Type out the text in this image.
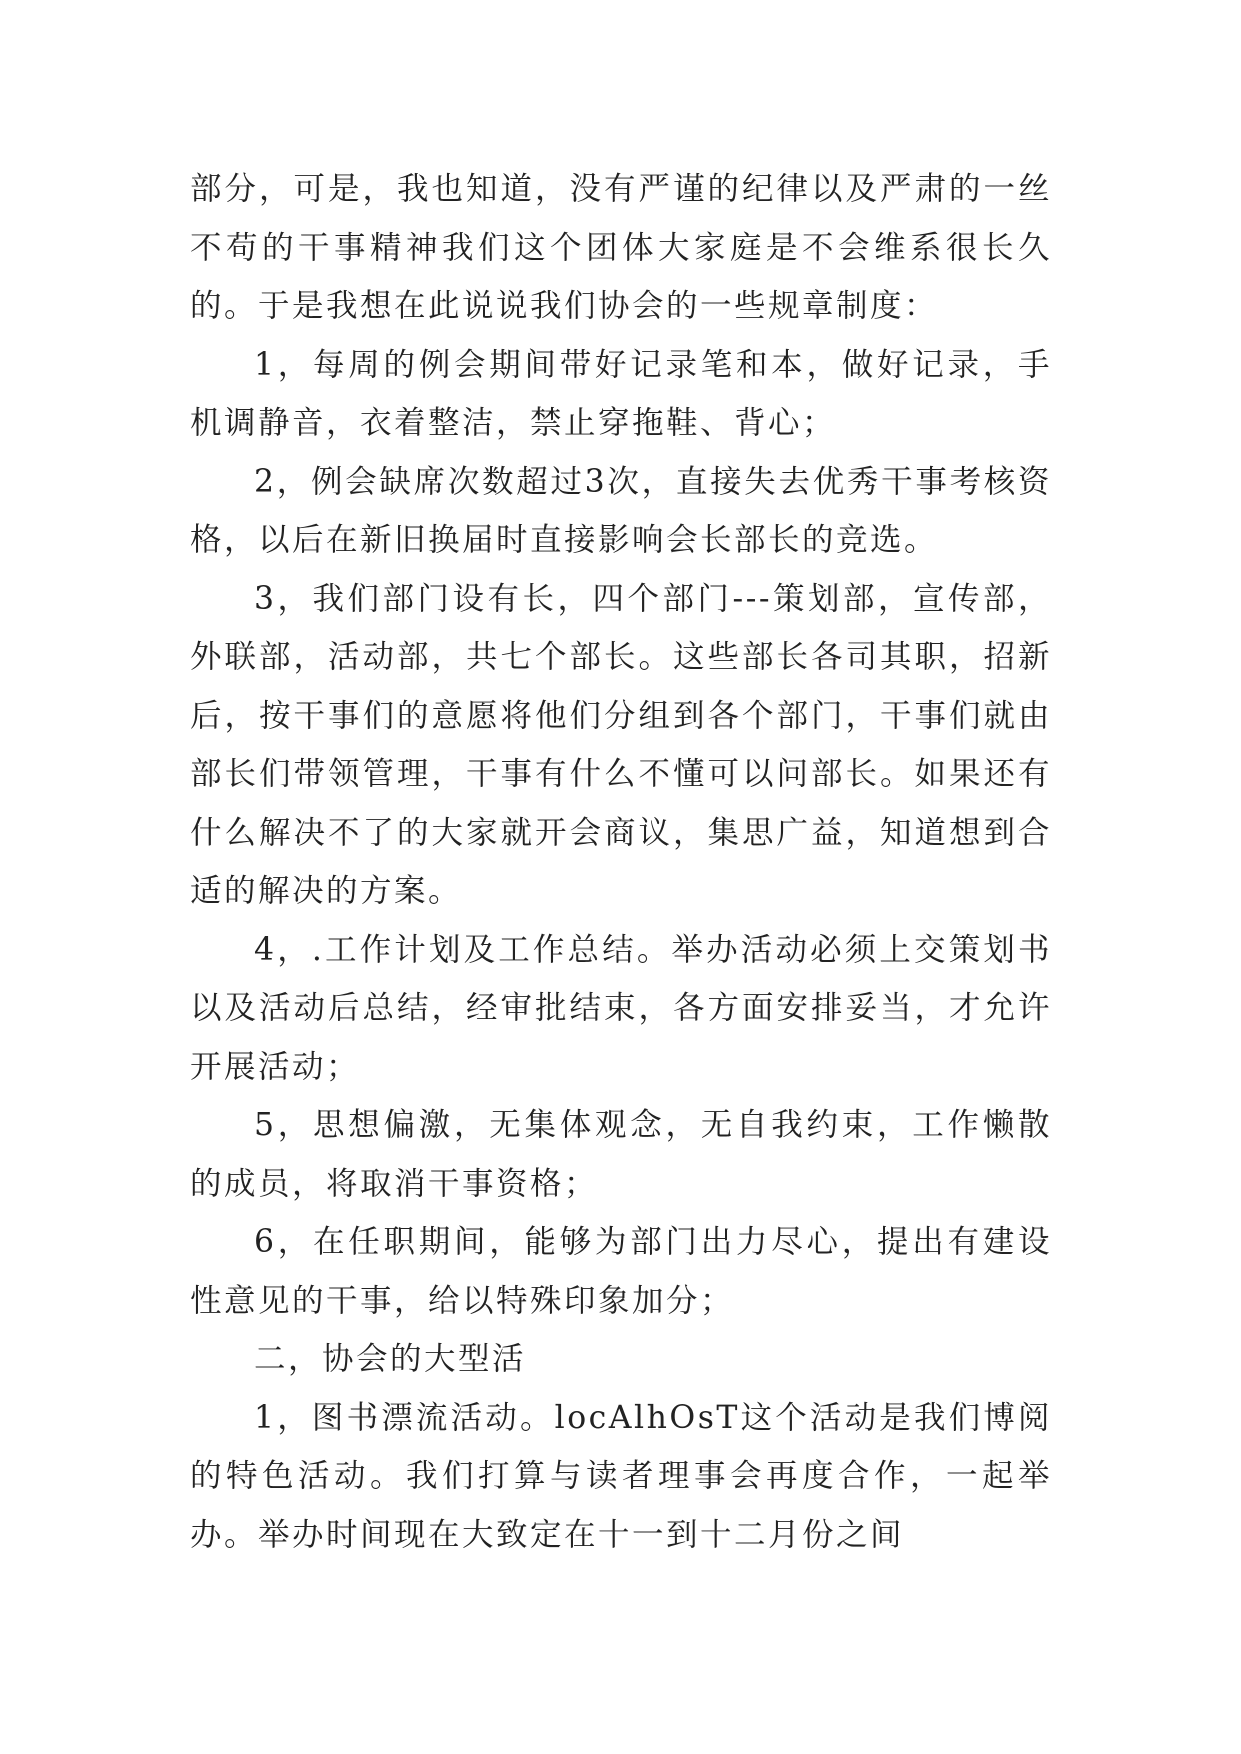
部分，可是，我也知道，没有严谨的纪律以及严肃的一丝不苟的干事精神我们这个团体大家庭是不会维系很长久的。于是我想在此说说我们协会的一些规章制度：

1，每周的例会期间带好记录笔和本，做好记录，手机调静音，衣着整洁，禁止穿拖鞋、背心；

2，例会缺席次数超过3次，直接失去优秀干事考核资格，以后在新旧换届时直接影响会长部长的竞选。

3，我们部门设有长，四个部门---策划部，宣传部，外联部，活动部，共七个部长。这些部长各司其职，招新后，按干事们的意愿将他们分组到各个部门，干事们就由部长们带领管理，干事有什么不懂可以问部长。如果还有什么解决不了的大家就开会商议，集思广益，知道想到合适的解决的方案。

4，.工作计划及工作总结。举办活动必须上交策划书以及活动后总结，经审批结束，各方面安排妥当，才允许开展活动；

5，思想偏激，无集体观念，无自我约束，工作懒散的成员，将取消干事资格；

6，在任职期间，能够为部门出力尽心，提出有建设性意见的干事，给以特殊印象加分；

二，协会的大型活

1，图书漂流活动。locAlhOsT这个活动是我们博阅的特色活动。我们打算与读者理事会再度合作，一起举办。举办时间现在大致定在十一到十二月份之间
